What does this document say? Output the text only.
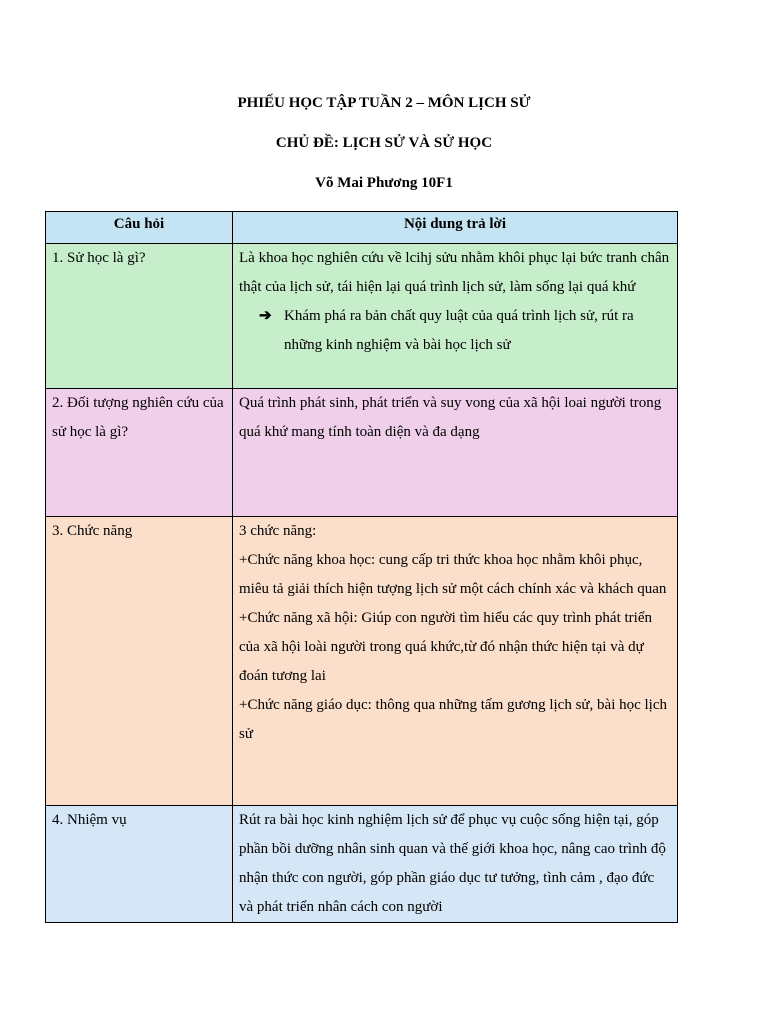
PHIẾU HỌC TẬP TUẦN 2 – MÔN LỊCH SỬ
CHỦ ĐỀ: LỊCH SỬ VÀ SỬ HỌC
Võ Mai Phương 10F1
Câu hỏi	Nội dung trả lời

1. Sử học là gì?	Là khoa học nghiên cứu về lcihj sửu nhằm khôi phục lại bức tranh chân thật của lịch sử, tái hiện lại quá trình lịch sử, làm sống lại quá khứ
➔ Khám phá ra bản chất quy luật của quá trình lịch sử, rút ra những kinh nghiệm và bài học lịch sử

2. Đối tượng nghiên cứu của sử học là gì?	Quá trình phát sinh, phát triển và suy vong của xã hội loai người trong quá khứ mang tính toàn diện và đa dạng

3. Chức năng	3 chức năng:
+Chức năng khoa học: cung cấp tri thức khoa học nhằm khôi phục, miêu tả giải thích hiện tượng lịch sử một cách chính xác và khách quan
+Chức năng xã hội: Giúp con người tìm hiểu các quy trình phát triển của xã hội loài người trong quá khức,từ đó nhận thức hiện tại và dự đoán tương lai
+Chức năng giáo dục: thông qua những tấm gương lịch sử, bài học lịch sử

4. Nhiệm vụ	Rút ra bài học kinh nghiệm lịch sử để phục vụ cuộc sống hiện tại, góp phần bồi dưỡng nhân sinh quan và thế giới khoa học, nâng cao trình độ nhận thức con người, góp phần giáo dục tư tưởng, tình cảm , đạo đức và phát triển nhân cách con người
